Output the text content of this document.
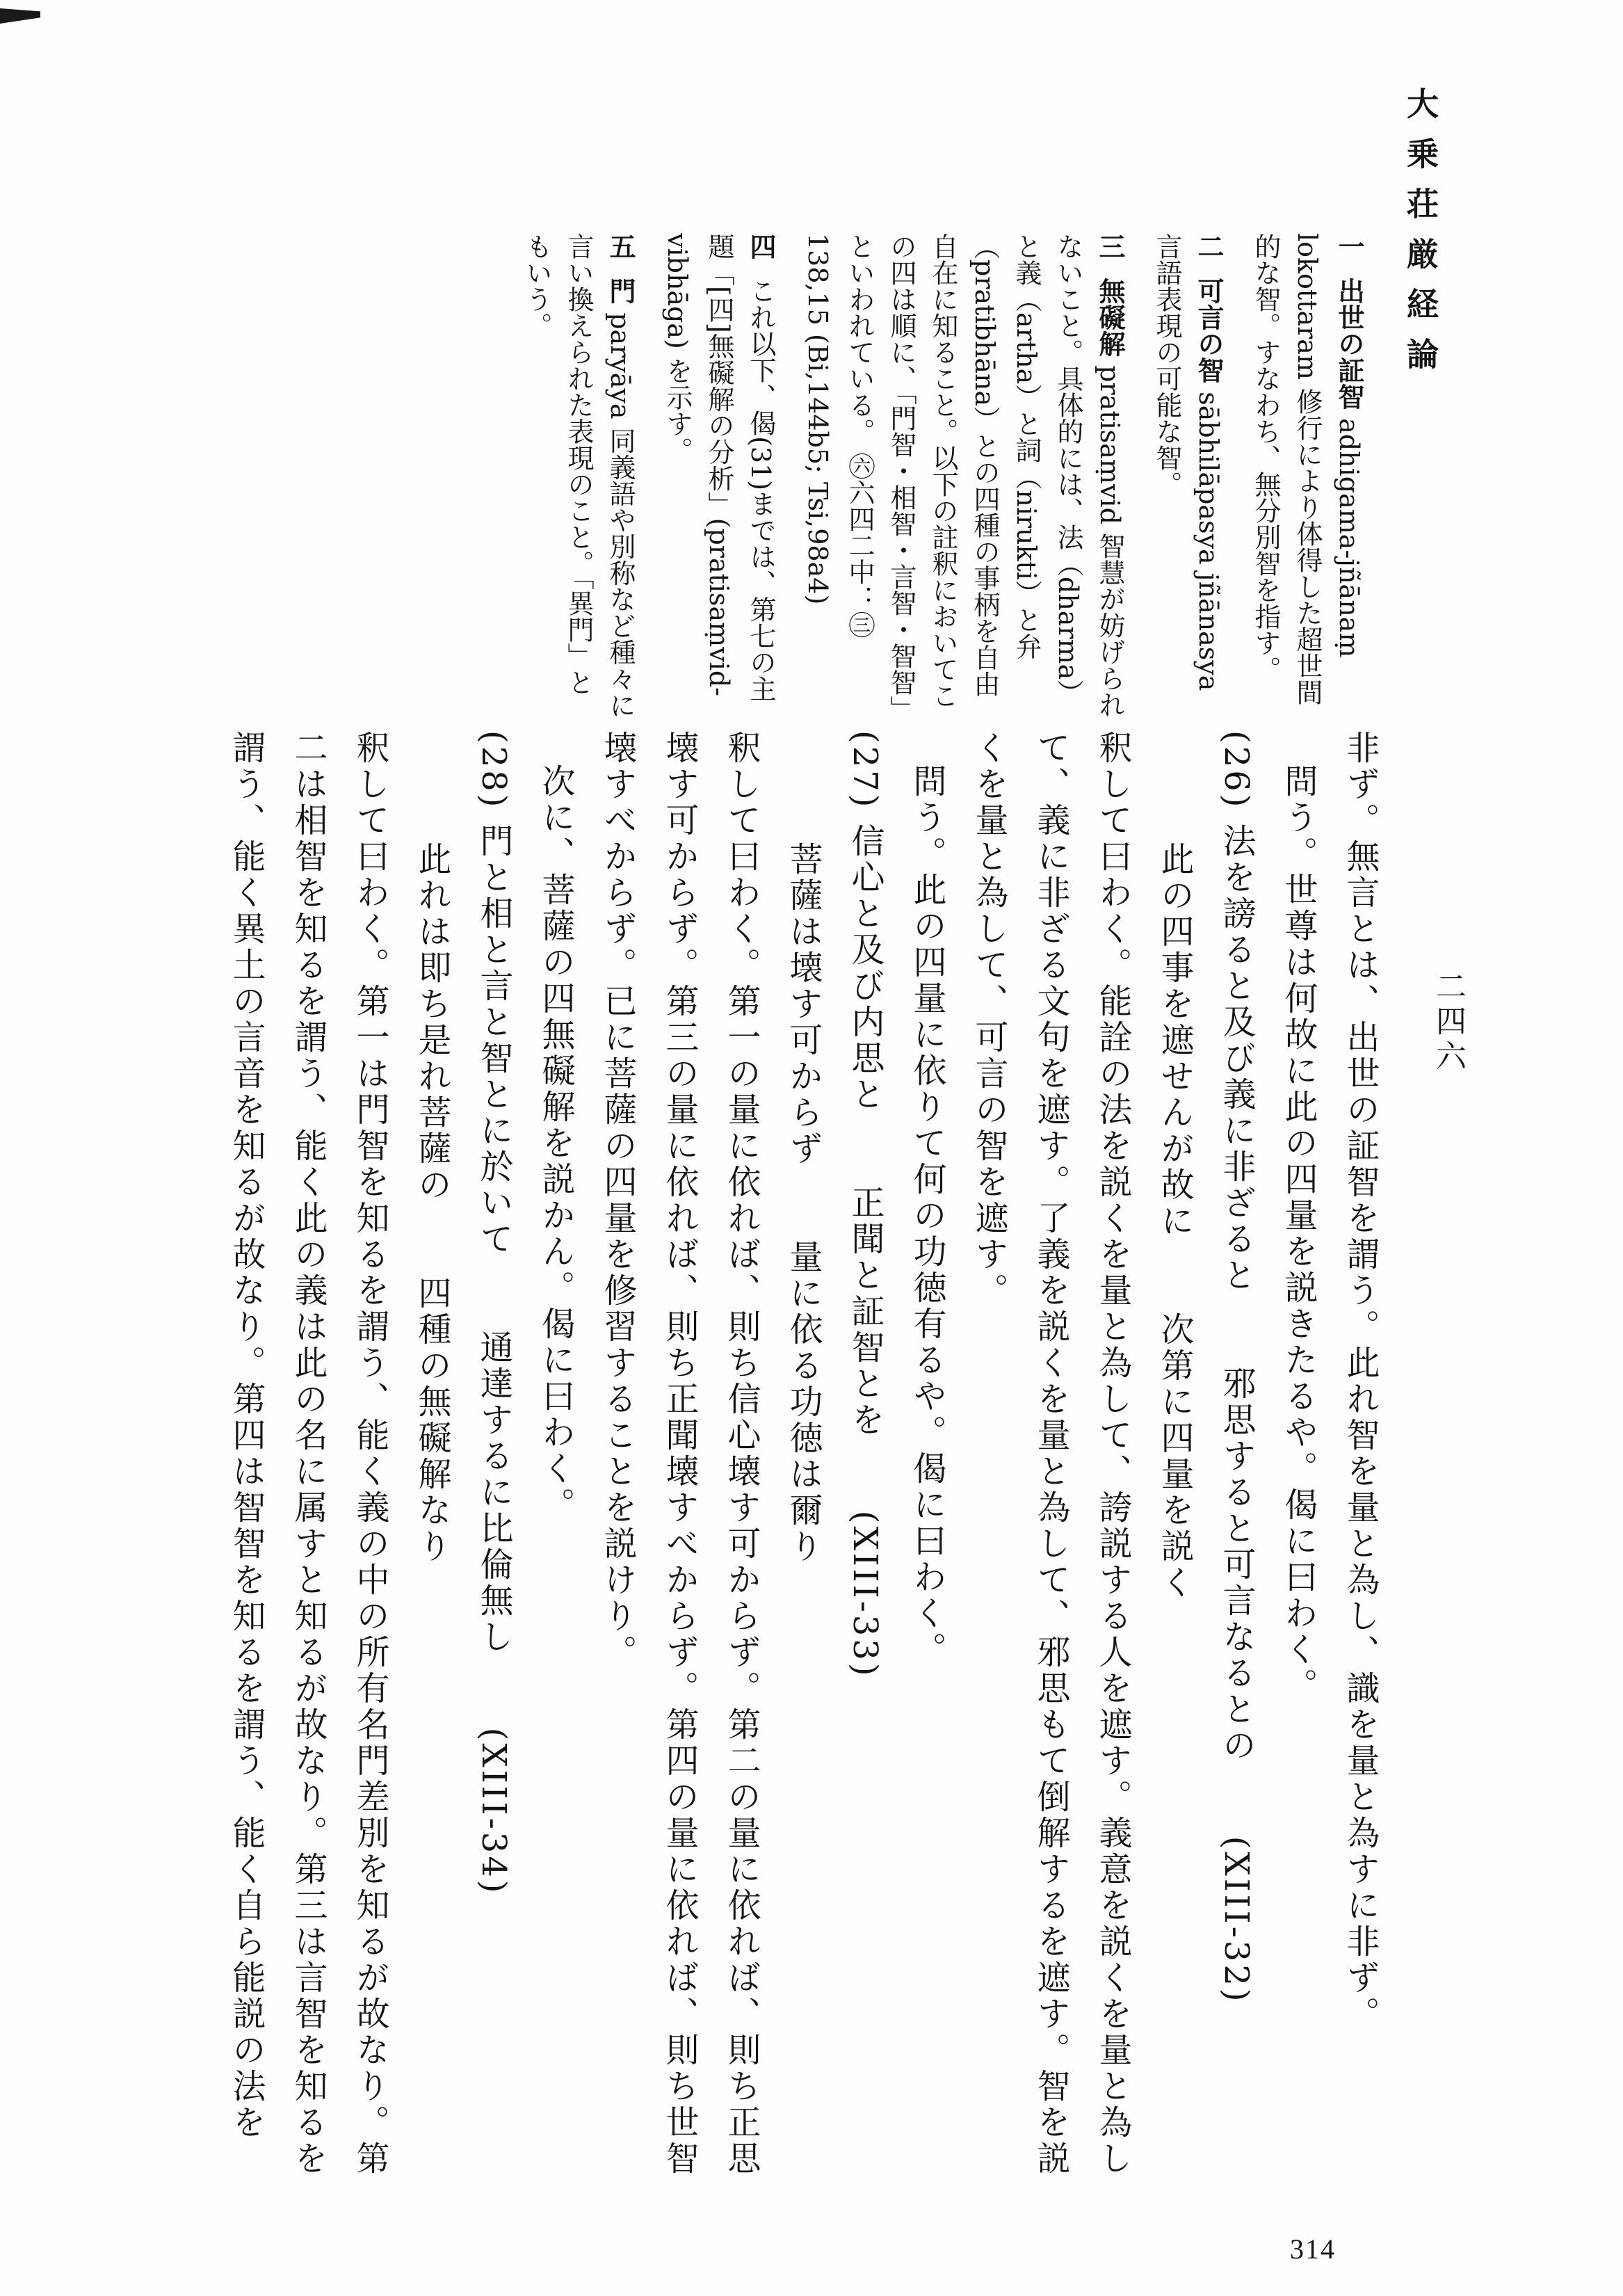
大乗荘厳経論
二四六
314

一 出世の証智 adhigama-jñānaṃ lokottaram 修行により体得した超世間的な智。すなわち、無分別智を指す。

二 可言の智 sābhilāpasya jñānasya 言語表現の可能な智。

三 無礙解 pratisaṃvid 智慧が妨げられないこと。具体的には、法（dharma）と義（artha）と詞（nirukti）と弁（pratibhāna）との四種の事柄を自由自在に知ること。以下の註釈においてこの四は順に、「門智・相智・言智・智智」といわれている。 ㊅六四二中：㊂138,15 (Bi,144b5; Tsi,98a4)

四 これ以下、偈(31)までは、第七の主題「[四]無礙解の分析」(pratisaṃvid-vibhāga) を示す。

五 門 paryāya 同義語や別称など種々に言い換えられた表現のこと。「異門」ともいう。

非ず。無言とは、出世の証智を謂う。此れ智を量と為し、識を量と為すに非ず。

問う。世尊は何故に此の四量を説きたるや。偈に曰わく。

(26) 法を謗ると及び義に非ざると　　邪思すると可言なるとの　　(XIII-32)

此の四事を遮せんが故に　　次第に四量を説く

釈して曰わく。能詮の法を説くを量と為して、誇説する人を遮す。義意を説くを量と為して、義に非ざる文句を遮す。了義を説くを量と為して、邪思もて倒解するを遮す。智を説くを量と為して、可言の智を遮す。

問う。此の四量に依りて何の功徳有るや。偈に曰わく。

(27) 信心と及び内思と　　正聞と証智とを　　(XIII-33)

菩薩は壊す可からず　　量に依る功徳は爾り

釈して曰わく。第一の量に依れば、則ち信心壊す可からず。第二の量に依れば、則ち正思壊す可からず。第三の量に依れば、則ち正聞壊すべからず。第四の量に依れば、則ち世智壊すべからず。已に菩薩の四量を修習することを説けり。

次に、菩薩の四無礙解を説かん。偈に曰わく。

(28) 門と相と言と智とに於いて　　通達するに比倫無し　　(XIII-34)

此れは即ち是れ菩薩の　　四種の無礙解なり

釈して曰わく。第一は門智を知るを謂う、能く義の中の所有名門差別を知るが故なり。第二は相智を知るを謂う、能く此の義は此の名に属すと知るが故なり。第三は言智を知るを謂う、能く異土の言音を知るが故なり。第四は智智を知るを謂う、能く自ら能説の法を
